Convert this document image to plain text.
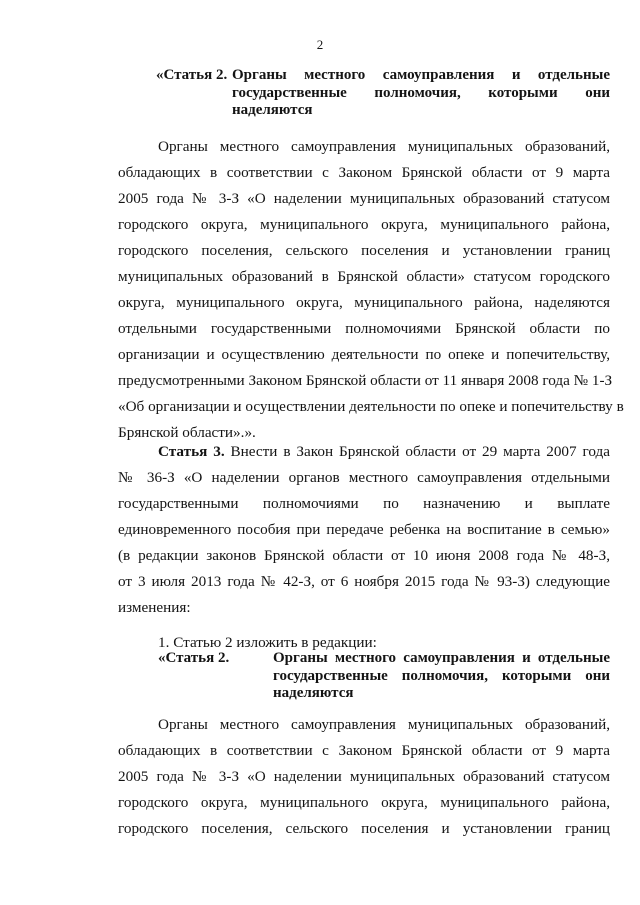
2
«Статья 2. Органы местного самоуправления и отдельные
государственные полномочия, которыми они
наделяются
Органы местного самоуправления муниципальных образований,
обладающих в соответствии с Законом Брянской области от 9 марта
2005 года № 3-З «О наделении муниципальных образований статусом
городского округа, муниципального округа, муниципального района,
городского поселения, сельского поселения и установлении границ
муниципальных образований в Брянской области» статусом городского
округа, муниципального округа, муниципального района, наделяются
отдельными государственными полномочиями Брянской области по
организации и осуществлению деятельности по опеке и попечительству,
предусмотренными Законом Брянской области от 11 января 2008 года № 1-З
«Об организации и осуществлении деятельности по опеке и попечительству в
Брянской области».».
Статья 3. Внести в Закон Брянской области от 29 марта 2007 года
№ 36-З «О наделении органов местного самоуправления отдельными
государственными полномочиями по назначению и выплате
единовременного пособия при передаче ребенка на воспитание в семью»
(в редакции законов Брянской области от 10 июня 2008 года № 48-З,
от 3 июля 2013 года № 42-З, от 6 ноября 2015 года № 93-З) следующие
изменения:
1. Статью 2 изложить в редакции:
«Статья 2.	Органы местного самоуправления и отдельные
государственные полномочия, которыми они
наделяются
Органы местного самоуправления муниципальных образований,
обладающих в соответствии с Законом Брянской области от 9 марта
2005 года № 3-З «О наделении муниципальных образований статусом
городского округа, муниципального округа, муниципального района,
городского поселения, сельского поселения и установлении границ
